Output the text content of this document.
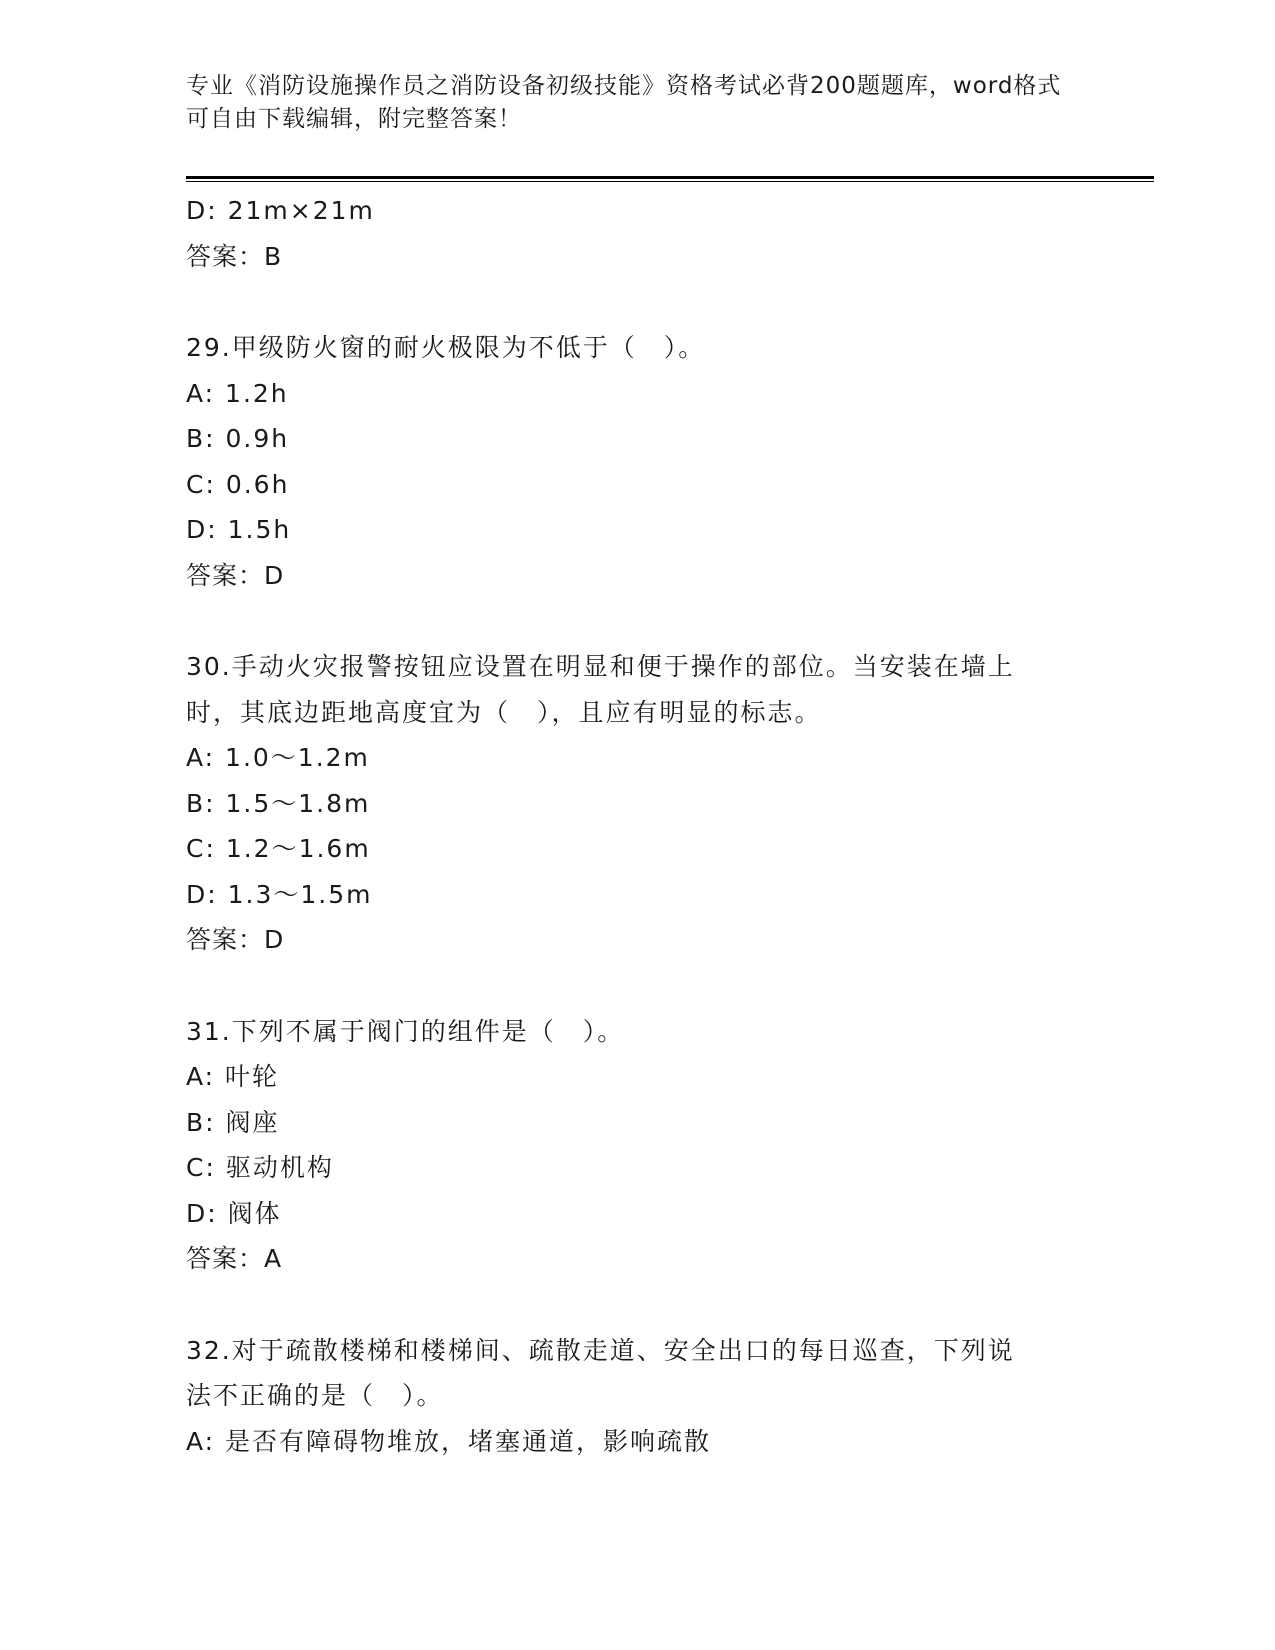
专业《消防设施操作员之消防设备初级技能》资格考试必背200题题库，word格式可自由下载编辑，附完整答案！
D: 21m×21m
答案：B
29.甲级防火窗的耐火极限为不低于（　）。
A: 1.2h
B: 0.9h
C: 0.6h
D: 1.5h
答案：D
30.手动火灾报警按钮应设置在明显和便于操作的部位。当安装在墙上
时，其底边距地高度宜为（　），且应有明显的标志。
A: 1.0～1.2m
B: 1.5～1.8m
C: 1.2～1.6m
D: 1.3～1.5m
答案：D
31.下列不属于阀门的组件是（　）。
A: 叶轮
B: 阀座
C: 驱动机构
D: 阀体
答案：A
32.对于疏散楼梯和楼梯间、疏散走道、安全出口的每日巡查，下列说
法不正确的是（　）。
A: 是否有障碍物堆放，堵塞通道，影响疏散
